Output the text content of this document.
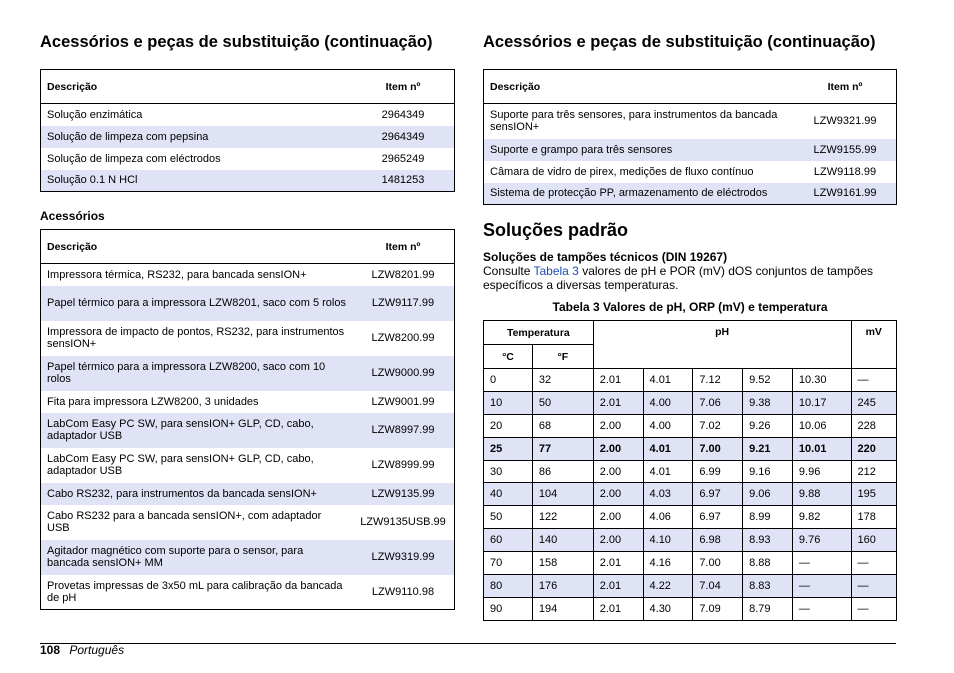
Acessórios e peças de substituição (continuação)
Descrição	Item nº
Solução enzimática	2964349
Solução de limpeza com pepsina	2964349
Solução de limpeza com eléctrodos	2965249
Solução 0.1 N HCl	1481253
Acessórios
Descrição	Item nº
Impressora térmica, RS232, para bancada sensION+	LZW8201.99
Papel térmico para a impressora LZW8201, saco com 5 rolos	LZW9117.99
Impressora de impacto de pontos, RS232, para instrumentos sensION+	LZW8200.99
Papel térmico para a impressora LZW8200, saco com 10 rolos	LZW9000.99
Fita para impressora LZW8200, 3 unidades	LZW9001.99
LabCom Easy PC SW, para sensION+ GLP, CD, cabo, adaptador USB	LZW8997.99
LabCom Easy PC SW, para sensION+ GLP, CD, cabo, adaptador USB	LZW8999.99
Cabo RS232, para instrumentos da bancada sensION+	LZW9135.99
Cabo RS232 para a bancada sensION+, com adaptador USB	LZW9135USB.99
Agitador magnético com suporte para o sensor, para bancada sensION+ MM	LZW9319.99
Provetas impressas de 3x50 mL para calibração da bancada de pH	LZW9110.98
Acessórios e peças de substituição (continuação)
Descrição	Item nº
Suporte para três sensores, para instrumentos da bancada sensION+	LZW9321.99
Suporte e grampo para três sensores	LZW9155.99
Câmara de vidro de pirex, medições de fluxo contínuo	LZW9118.99
Sistema de protecção PP, armazenamento de eléctrodos	LZW9161.99
Soluções padrão
Soluções de tampões técnicos (DIN 19267)
Consulte Tabela 3 valores de pH e POR (mV) dOS conjuntos de tampões específicos a diversas temperaturas.
Tabela 3 Valores de pH, ORP (mV) e temperatura
Temperatura		pH					mV
°C	°F						
0	32	2.01	4.01	7.12	9.52	10.30	—
10	50	2.01	4.00	7.06	9.38	10.17	245
20	68	2.00	4.00	7.02	9.26	10.06	228
25	77	2.00	4.01	7.00	9.21	10.01	220
30	86	2.00	4.01	6.99	9.16	9.96	212
40	104	2.00	4.03	6.97	9.06	9.88	195
50	122	2.00	4.06	6.97	8.99	9.82	178
60	140	2.00	4.10	6.98	8.93	9.76	160
70	158	2.01	4.16	7.00	8.88	—	—
80	176	2.01	4.22	7.04	8.83	—	—
90	194	2.01	4.30	7.09	8.79	—	—
108 Português
